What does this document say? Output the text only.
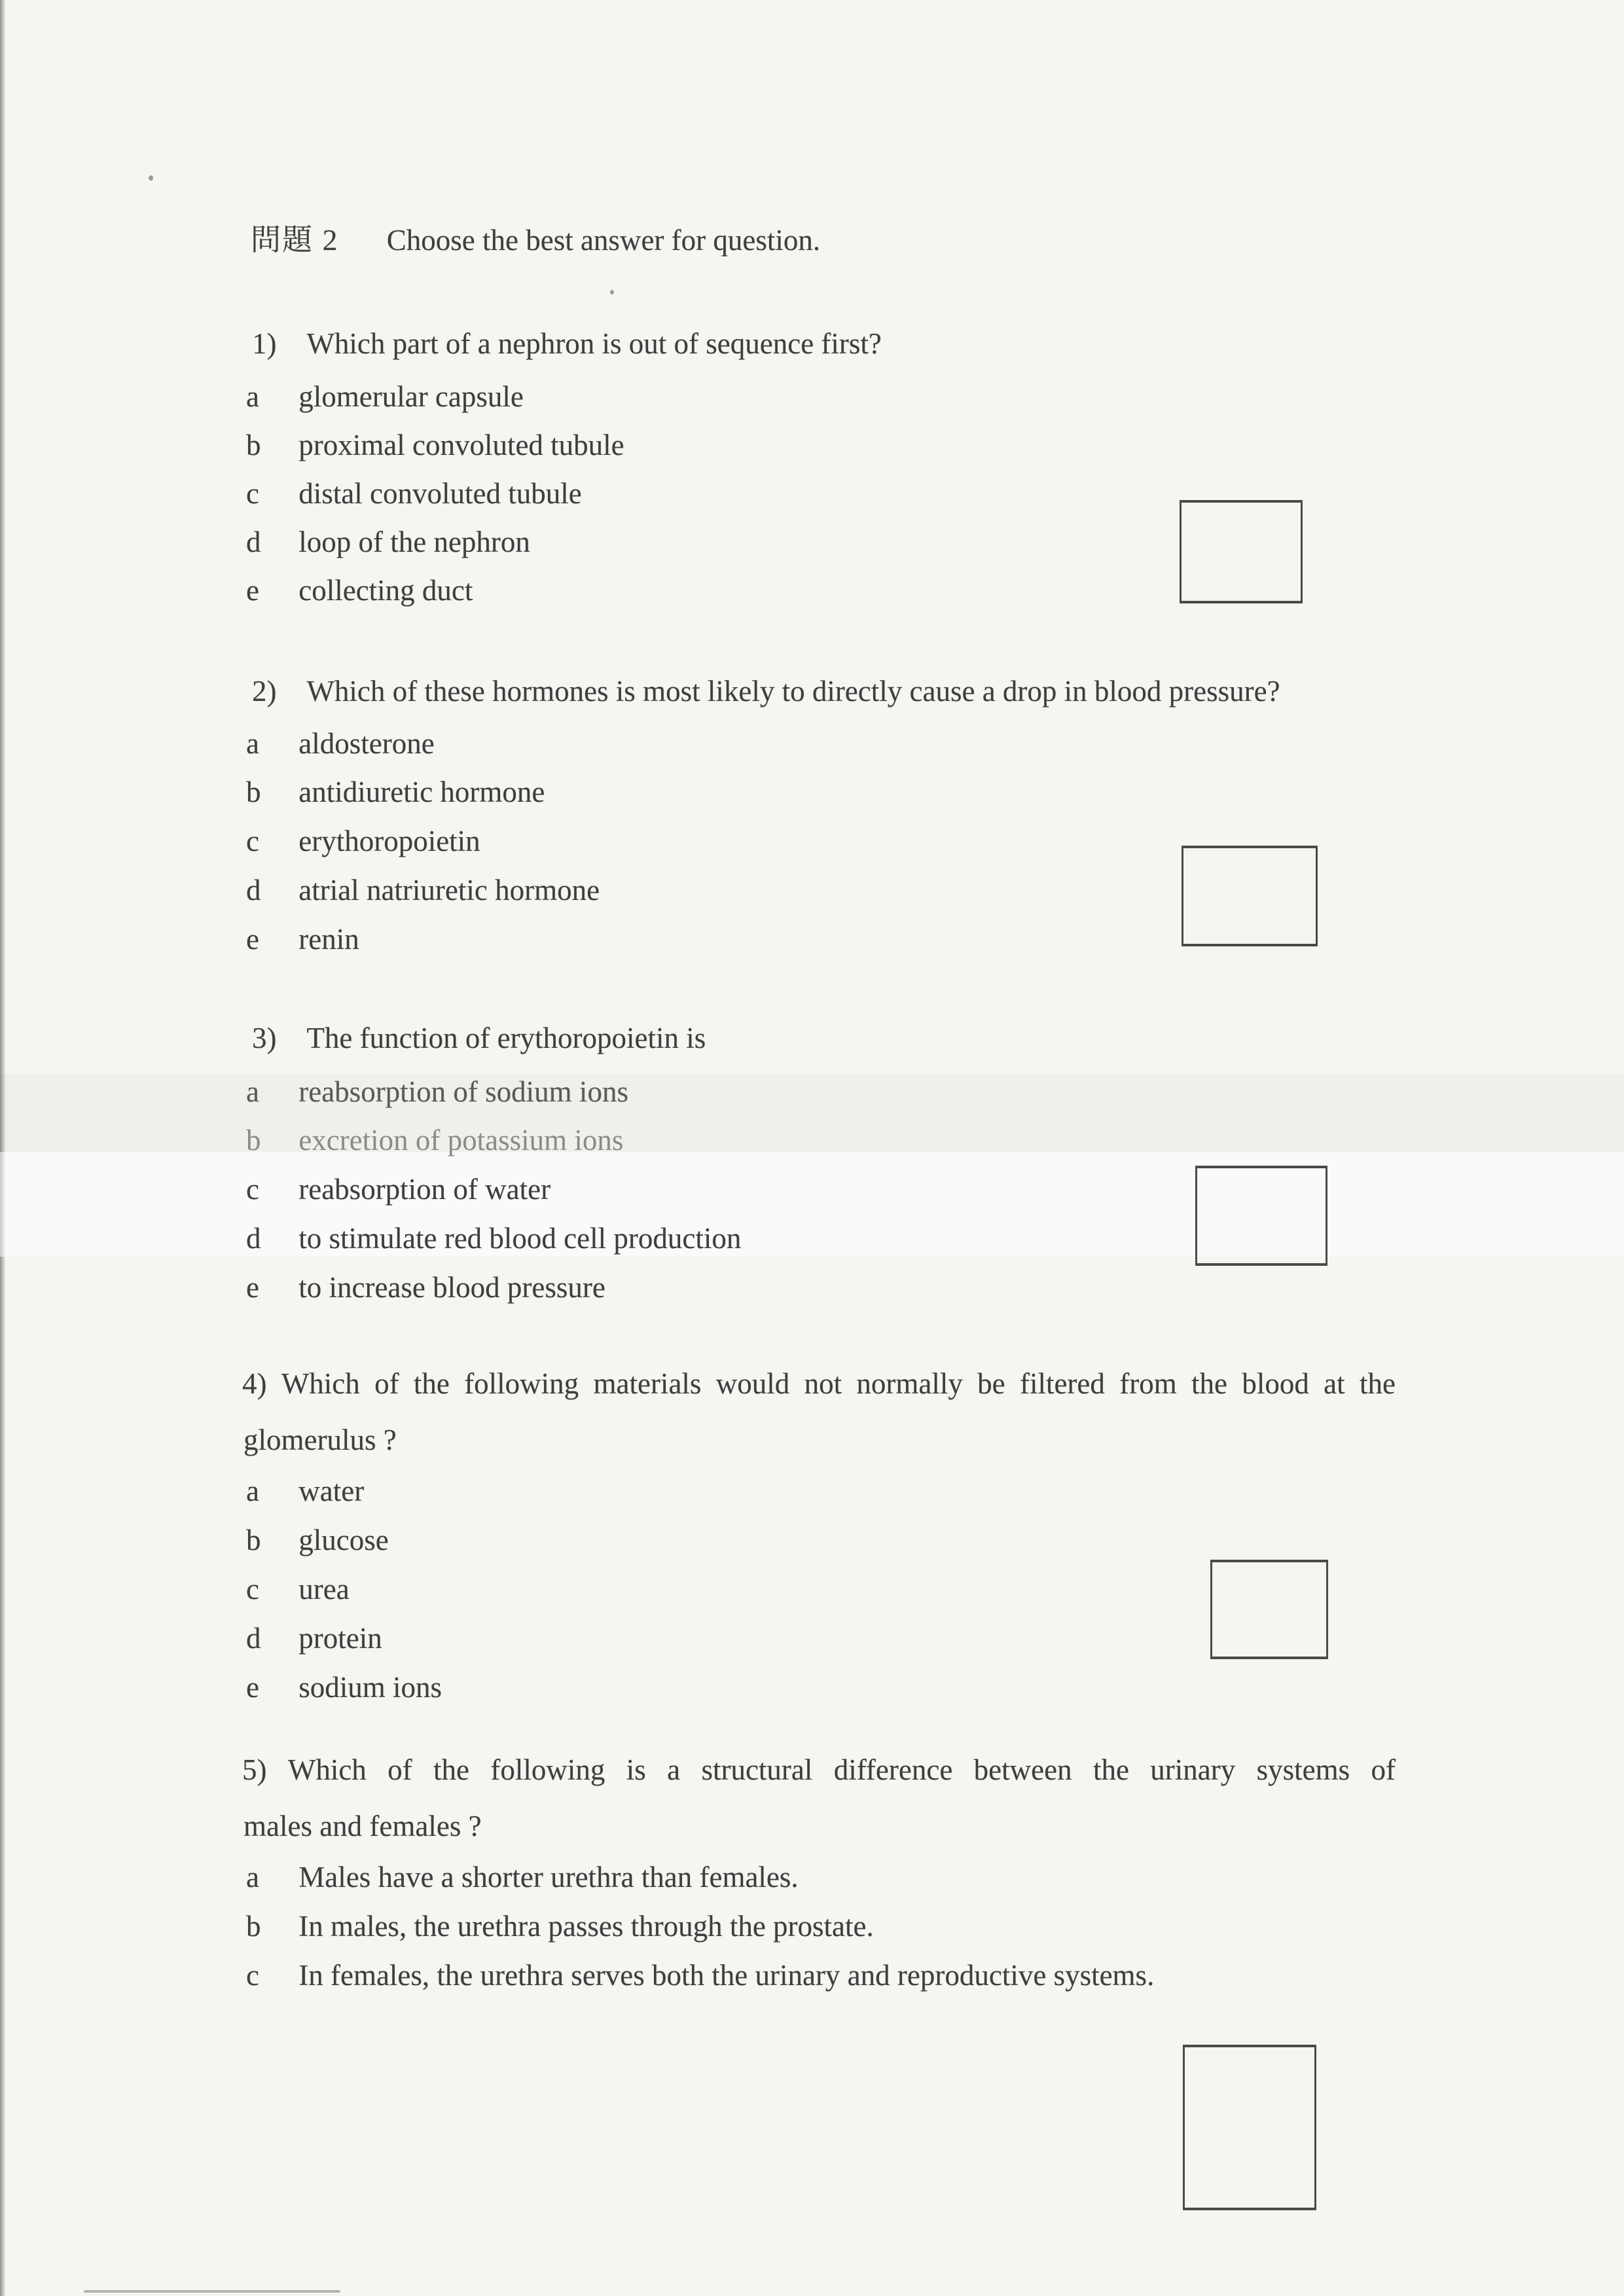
問題 2 Choose the best answer for question.
1) Which part of a nephron is out of sequence first?
a glomerular capsule
b proximal convoluted tubule
c distal convoluted tubule
d loop of the nephron
e collecting duct
2) Which of these hormones is most likely to directly cause a drop in blood pressure?
a aldosterone
b antidiuretic hormone
c erythoropoietin
d atrial natriuretic hormone
e renin
3) The function of erythoropoietin is
a reabsorption of sodium ions
b excretion of potassium ions
c reabsorption of water
d to stimulate red blood cell production
e to increase blood pressure
4) Which of the following materials would not normally be filtered from the blood at the
glomerulus ?
a water
b glucose
c urea
d protein
e sodium ions
5) Which of the following is a structural difference between the urinary systems of
males and females ?
a Males have a shorter urethra than females.
b In males, the urethra passes through the prostate.
c In females, the urethra serves both the urinary and reproductive systems.
